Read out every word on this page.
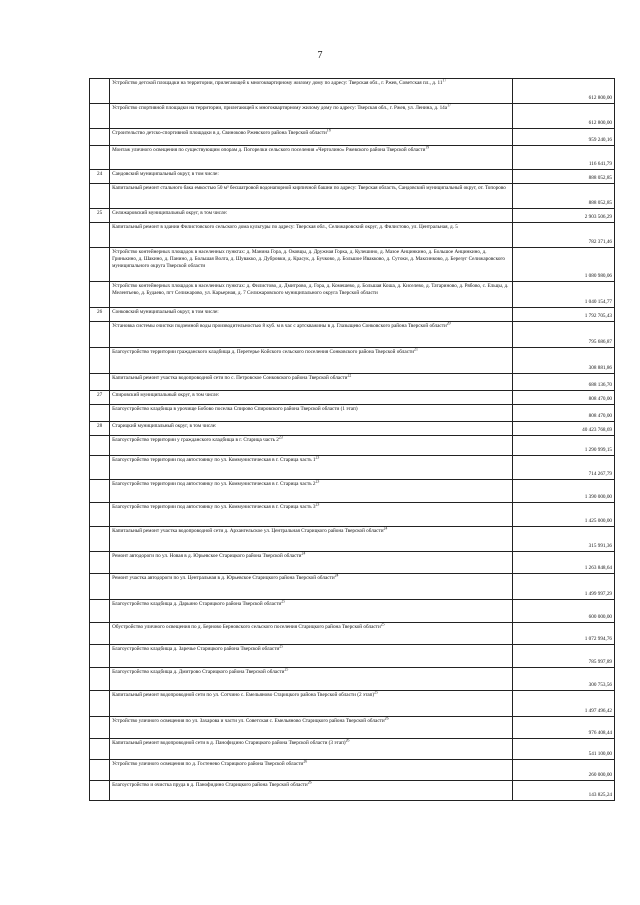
7
	Устройство детской площадки на территории, прилегающей к многоквартирному жилому дому по адресу: Тверская обл., г. Ржев, Советская пл., д. $11^{17}$	612 800,00
	Устройство спортивной площадки на территории, прилегающей к многоквартирному жилому дому по адресу: Тверская обл., г. Ржев, ул. Ленина, д. $14а^{17}$	612 800,00
	Строительство детско-спортивной площадки в д. Свиноково Ржевского района Тверской области$^{18}$	959 240,16
	Монтаж уличного освещения по существующим опорам д. Погорелки сельского поселения «Чертолино» Ржевского района Тверской области$^{19}$	116 641,79
24	Сандовский муниципальный округ, в том числе:	888 052,85
	Капитальный ремонт стального бака емкостью 50 м³ бесшатровой водонапорной кирпичной башни по адресу: Тверская область, Сандовский муниципальный округ, от. Топорово	888 052,85
25	Селижаровский муниципальный округ, в том числе:	2 903 506,29
	Капитальный ремонт в здании Филистовского сельского дома культуры по адресу: Тверская обл., Селижаровский округ, д. Филистово, ул. Центральная, д. 5	782 371,46
	Устройство контейнерных площадок в населенных пунктах: д. Манина Гора, д. Оковцы, д. Дружная Горка, д. Кулешино, д. Мазое Анцинкино, д. Большое Анцинкино, д. Гринькино, д. Шакино, д. Панино, д. Большая Волга, д. Шувакко, д. Дубровки, д. Красук, д. Бучково, д. Большое Ивакково, д. Сутоки, д. Максинково, д. Березуг Селижаровского муниципального округа Тверской области	1 080 980,06
	Устройство контейнерных площадок в населенных пунктах: д. Филистово, д. Дмитрово, д. Гора, д. Комешево, д. Большая Коша, д. Киселево, д. Татариново, д. Рябово, с. Ельцы, д. Мелентьево, д. Будаево, пгт Селижарово, ул. Карьерная, д. 7 Селижаровского муниципального округа Тверской области	1 040 154,77
26	Сонковский муниципальный округ, в том числе:	1 792 705,43
	Установка системы очистки подземной воды производительностью 8 куб. м в час с артскважины в д. Глазыщево Сонковского района Тверской области$^{20}$	795 686,87
	Благоустройство территории гражданского кладбища д. Перетерье Койского сельского поселения Сонковского района Тверской области$^{21}$	308 881,86
	Капитальный ремонт участка водопроводной сети по с. Петровское Сонковского района Тверской области$^{22}$	688 136,70
27	Спировский муниципальный округ, в том числе:	808 470,00
	Благоустройство кладбища в урочище Бобово поселка Спирово Спировского района Тверской области (1 этап)	808 470,00
28	Старицкий муниципальный округ, в том числе:	40 423 768,69
	Благоустройство территории у гражданского кладбища в г. Старица часть $2^{23}$	1 290 999,15
	Благоустройство территории под автостоянку по ул. Коммунистическая в г. Старица часть $1^{23}$	714 267,79
	Благоустройство территории под автостоянку по ул. Коммунистическая в г. Старица часть $2^{23}$	1 390 000,00
	Благоустройство территории под автостоянку по ул. Коммунистическая в г. Старица часть $3^{23}$	1 425 000,00
	Капитальный ремонт участка водопроводной сети д. Архангельское ул. Центральная Старицкого района Тверской области$^{24}$	315 991,36
	Ремонт автодороги по ул. Новая в д. Юрьевское Старицкого района Тверской области$^{24}$	1 263 848,64
	Ремонт участка автодороги по ул. Центральная в д. Юрьевское Старицкого района Тверской области$^{24}$	1 499 997,29
	Благоустройство кладбища д. Дарьино Старицкого района Тверской области$^{25}$	600 000,00
	Обустройство уличного освещения по д. Берново Берновского сельского поселения Старицкого района Тверской области$^{25}$	1 072 994,76
	Благоустройство кладбища д. Заречье Старицкого района Тверской области$^{25}$	785 997,89
	Благоустройство кладбища д. Дмитрово Старицкого района Тверской области$^{25}$	300 753,56
	Капитальный ремонт водопроводной сети по ул. Сотчино с. Емельяново Старицкого района Тверской области (2 этап)$^{25}$	1 497 496,42
	Устройство уличного освещения по ул. Захарова и части ул. Советская с. Емельяново Старицкого района Тверской области$^{26}$	976 408,44
	Капитальный ремонт водопроводной сети в д. Панофидино Старицкого района Тверской области (3 этап)$^{26}$	541 100,00
	Устройство уличного освещения по д. Гостенево Старицкого района Тверской области$^{26}$	260 000,00
	Благоустройство и очистка пруда в д. Панофидино Старицкого района Тверской области$^{26}$	143 825,24
